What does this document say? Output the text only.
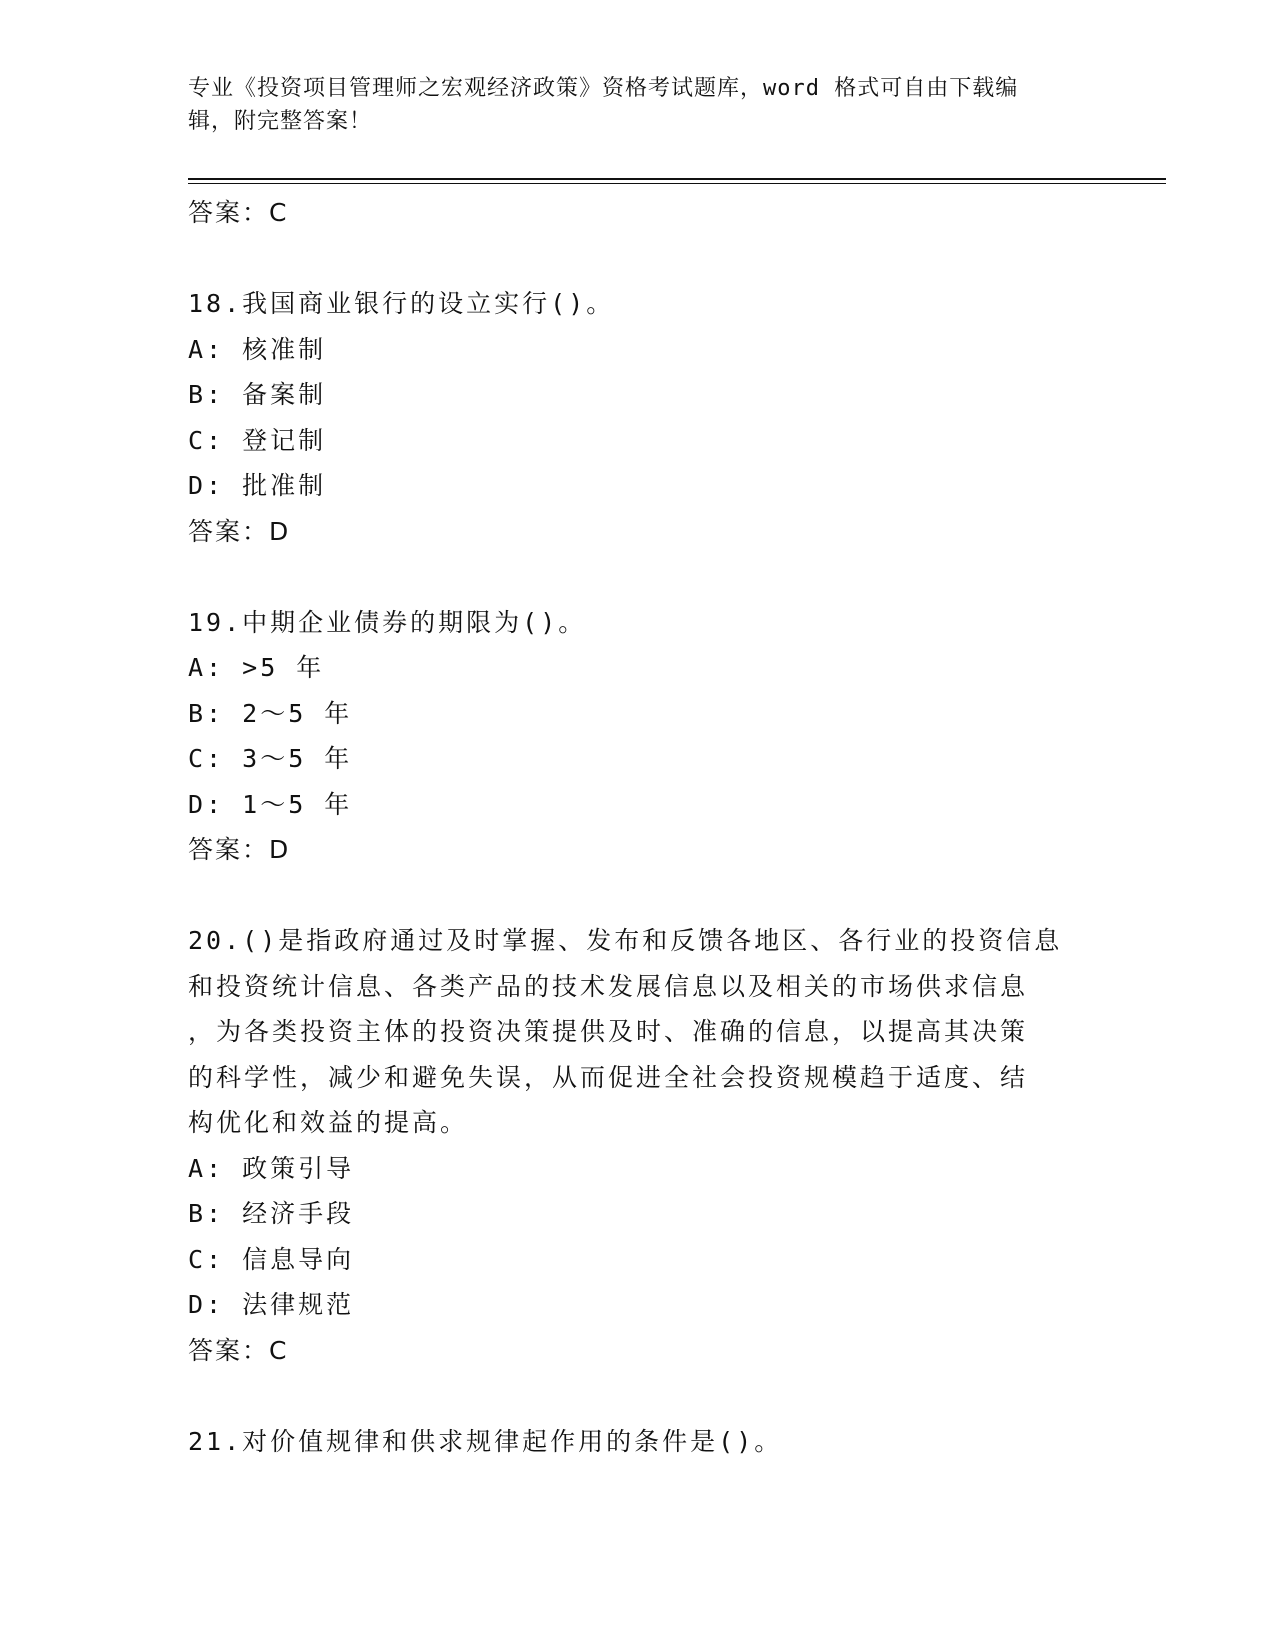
专业《投资项目管理师之宏观经济政策》资格考试题库，word 格式可自由下载编
辑，附完整答案！
答案：C
18.我国商业银行的设立实行()。
A: 核准制
B: 备案制
C: 登记制
D: 批准制
答案：D
19.中期企业债券的期限为()。
A: >5 年
B: 2～5 年
C: 3～5 年
D: 1～5 年
答案：D
20.()是指政府通过及时掌握、发布和反馈各地区、各行业的投资信息
和投资统计信息、各类产品的技术发展信息以及相关的市场供求信息
，为各类投资主体的投资决策提供及时、准确的信息，以提高其决策
的科学性，减少和避免失误，从而促进全社会投资规模趋于适度、结
构优化和效益的提高。
A: 政策引导
B: 经济手段
C: 信息导向
D: 法律规范
答案：C
21.对价值规律和供求规律起作用的条件是()。
